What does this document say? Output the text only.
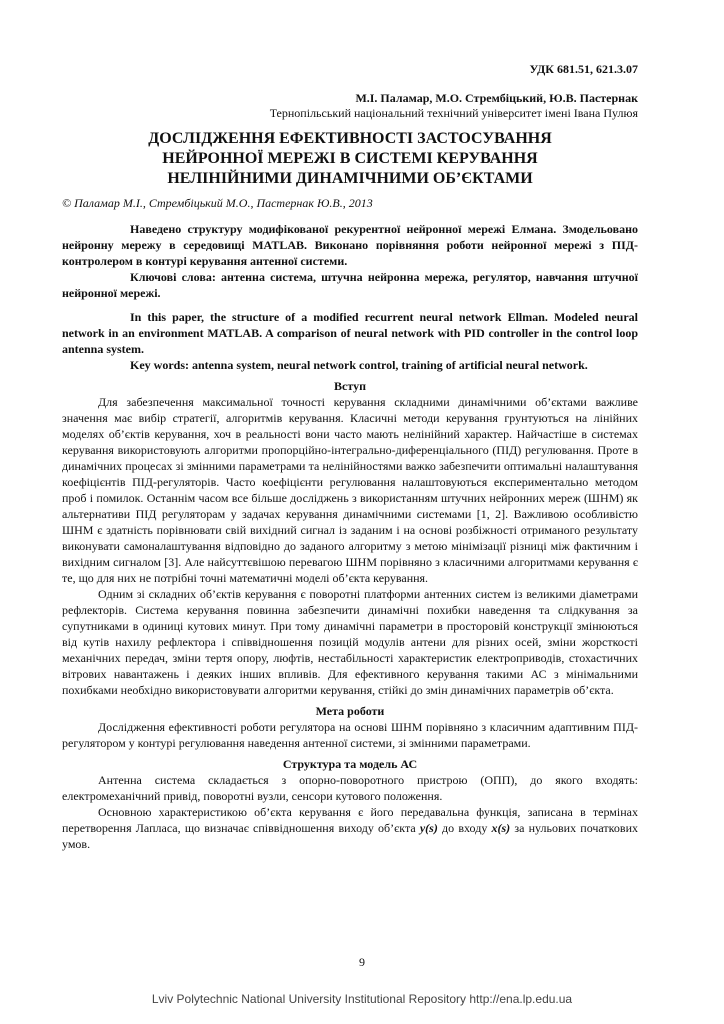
УДК 681.51, 621.3.07

М.І. Паламар, М.О. Стрембіцький, Ю.В. Пастернак

Тернопільський національний технічний університет імені Івана Пулюя

ДОСЛІДЖЕННЯ ЕФЕКТИВНОСТІ ЗАСТОСУВАННЯ
НЕЙРОННОЇ МЕРЕЖІ В СИСТЕМІ КЕРУВАННЯ
НЕЛІНІЙНИМИ ДИНАМІЧНИМИ ОБ’ЄКТАМИ

© Паламар М.І., Стрембіцький М.О., Пастернак Ю.В., 2013

Наведено структуру модифікованої рекурентної нейронної мережі Елмана. Змодельовано нейронну мережу в середовищі MATLAB. Виконано порівняння роботи нейронної мережі з ПІД-контролером в контурі керування антенної системи.

Ключові слова: антенна система, штучна нейронна мережа, регулятор, навчання штучної нейронної мережі.

In this paper, the structure of a modified recurrent neural network Ellman. Modeled neural network in an environment MATLAB. A comparison of neural network with PID controller in the control loop antenna system.

Key words: antenna system, neural network control, training of artificial neural network.

Вступ

Для забезпечення максимальної точності керування складними динамічними об’єктами важливе значення має вибір стратегії, алгоритмів керування. Класичні методи керування грунтуються на лінійних моделях об’єктів керування, хоч в реальності вони часто мають нелінійний характер. Найчастіше в системах керування використовують алгоритми пропорційно-інтегрально-диференціального (ПІД) регулювання. Проте в динамічних процесах зі змінними параметрами та нелінійностями важко забезпечити оптимальні налаштування коефіцієнтів ПІД-регуляторів. Часто коефіцієнти регулювання налаштовуються експериментально методом проб і помилок. Останнім часом все більше досліджень з використанням штучних нейронних мереж (ШНМ) як альтернативи ПІД регуляторам у задачах керування динамічними системами [1, 2]. Важливою особливістю ШНМ є здатність порівнювати свій вихідний сигнал із заданим і на основі розбіжності отриманого результату виконувати самоналаштування відповідно до заданого алгоритму з метою мінімізації різниці між фактичним і вихідним сигналом [3]. Але найсуттєвішою перевагою ШНМ порівняно з класичними алгоритмами керування є те, що для них не потрібні точні математичні моделі об’єкта керування.

Одним зі складних об’єктів керування є поворотні платформи антенних систем із великими діаметрами рефлекторів. Система керування повинна забезпечити динамічні похибки наведення та слідкування за супутниками в одиниці кутових минут. При тому динамічні параметри в просторовій конструкції змінюються від кутів нахилу рефлектора і співвідношення позицій модулів антени для різних осей, зміни жорсткості механічних передач, зміни тертя опору, люфтів, нестабільності характеристик електроприводів, стохастичних вітрових навантажень і деяких інших впливів. Для ефективного керування такими АС з мінімальними похибками необхідно використовувати алгоритми керування, стійкі до змін динамічних параметрів об’єкта.

Мета роботи

Дослідження ефективності роботи регулятора на основі ШНМ порівняно з класичним адаптивним ПІД-регулятором у контурі регулювання наведення антенної системи, зі змінними параметрами.

Структура та модель АС

Антенна система складається з опорно-поворотного пристрою (ОПП), до якого входять: електромеханічний привід, поворотні вузли, сенсори кутового положення.

Основною характеристикою об’єкта керування є його передавальна функція, записана в термінах перетворення Лапласа, що визначає співвідношення виходу об’єкта y(s) до входу x(s) за нульових початкових умов.

9
Lviv Polytechnic National University Institutional Repository http://ena.lp.edu.ua
